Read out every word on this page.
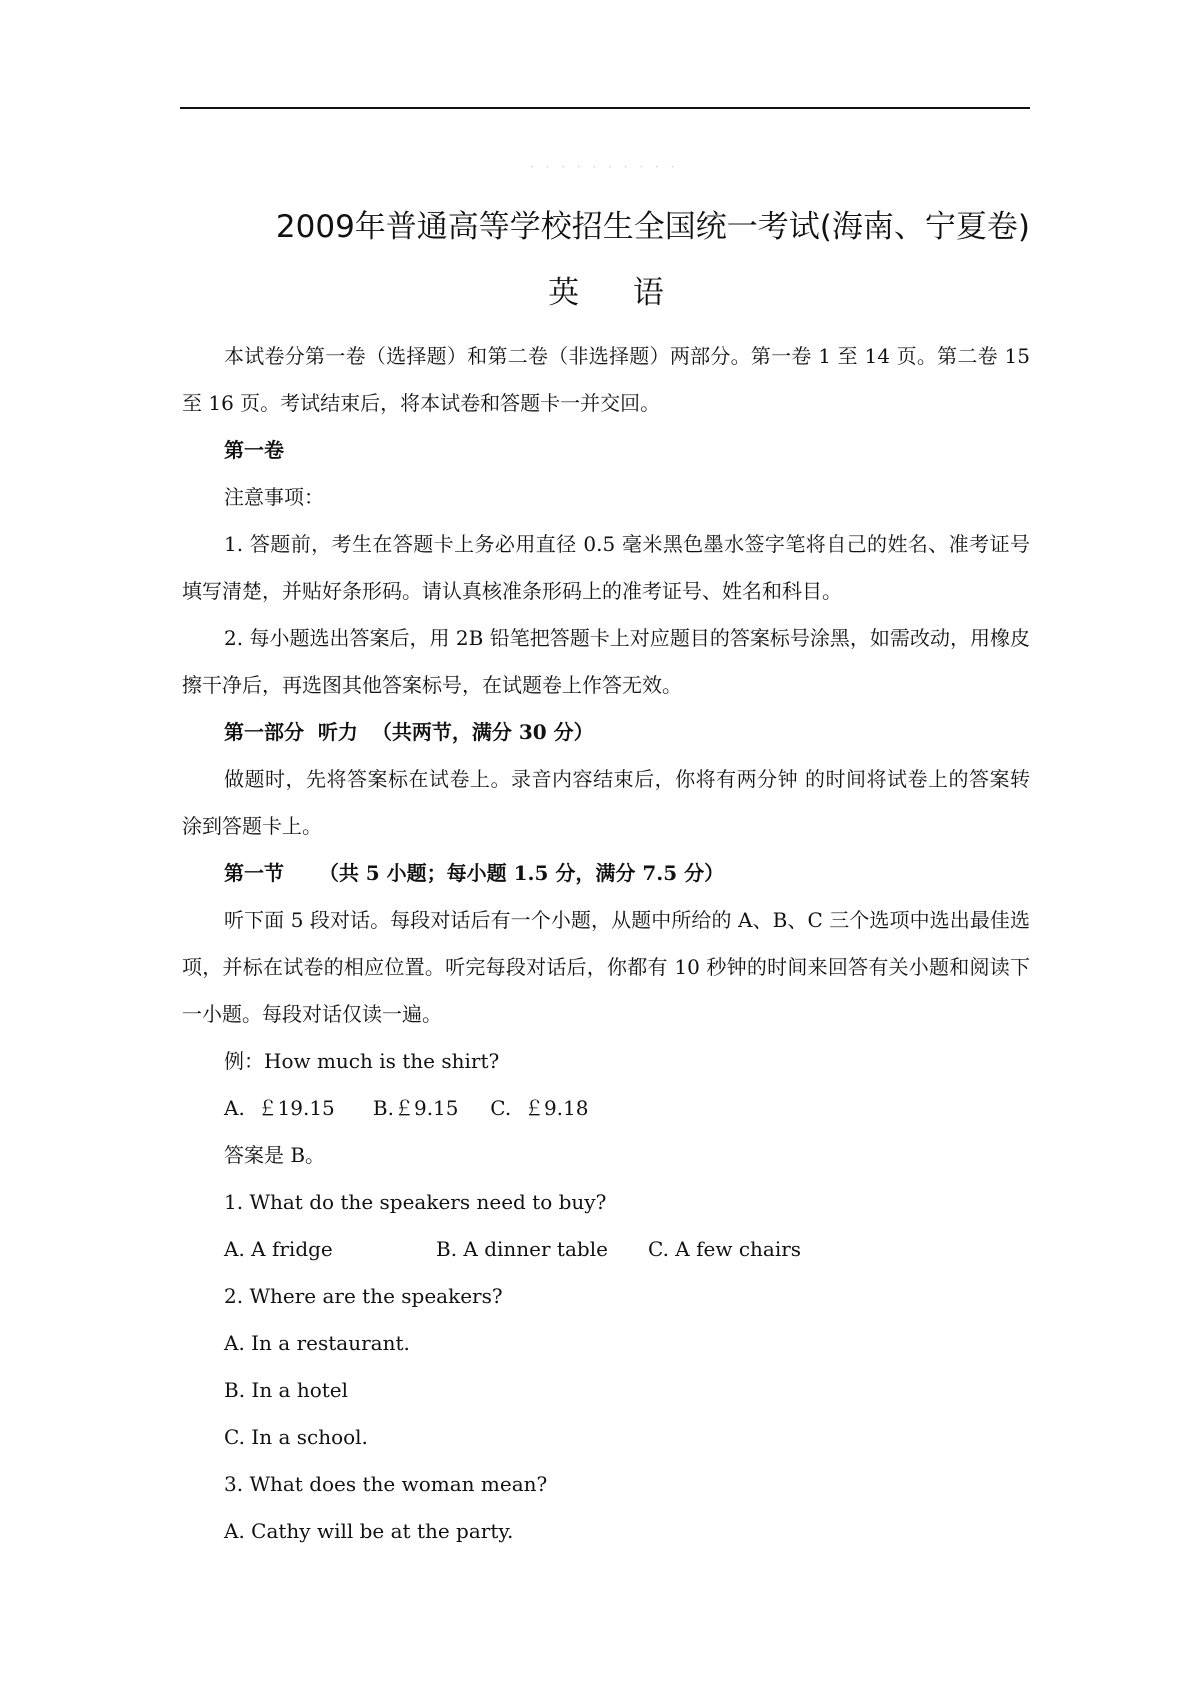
· · · · · · · · · ·
2009年普通高等学校招生全国统一考试(海南、宁夏卷)
英 语

本试卷分第一卷（选择题）和第二卷（非选择题）两部分。第一卷 1 至 14 页。第二卷 15 至 16 页。考试结束后，将本试卷和答题卡一并交回。

第一卷

注意事项：

1. 答题前，考生在答题卡上务必用直径 0.5 毫米黑色墨水签字笔将自己的姓名、准考证号填写清楚，并贴好条形码。请认真核准条形码上的准考证号、姓名和科目。

2. 每小题选出答案后，用 2B 铅笔把答题卡上对应题目的答案标号涂黑，如需改动，用橡皮擦干净后，再选图其他答案标号，在试题卷上作答无效。

第一部分  听力  （共两节，满分 30 分）

做题时，先将答案标在试卷上。录音内容结束后，你将有两分钟 的时间将试卷上的答案转涂到答题卡上。

第一节     （共 5 小题；每小题 1.5 分，满分 7.5 分）

听下面 5 段对话。每段对话后有一个小题，从题中所给的 A、B、C 三个选项中选出最佳选项，并标在试卷的相应位置。听完每段对话后，你都有 10 秒钟的时间来回答有关小题和阅读下一小题。每段对话仅读一遍。

例：How much is the shirt?

A.  ￡19.15      B.￡9.15     C.  ￡9.18

答案是 B。

1. What do the speakers need to buy?

A. A fridge	B. A dinner table	C. A few chairs

2. Where are the speakers?

A. In a restaurant.

B. In a hotel

C. In a school.

3. What does the woman mean?

A. Cathy will be at the party.
